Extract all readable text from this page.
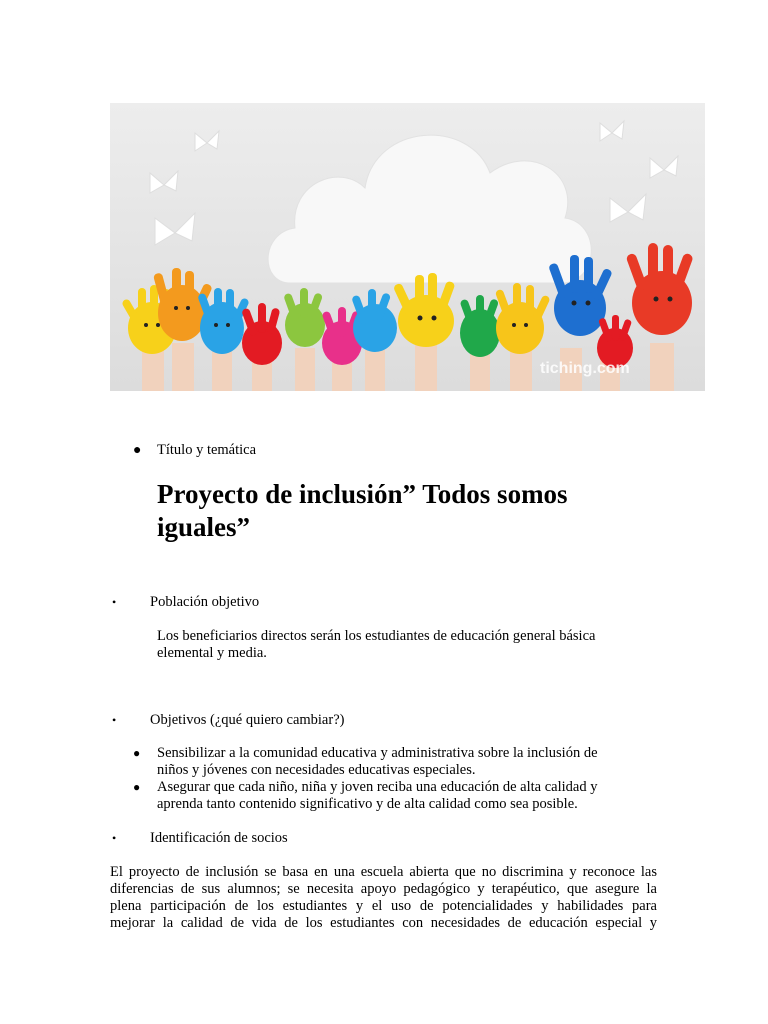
tiching.com
● Título y temática
Proyecto de inclusión” Todos somos
iguales”
• Población objetivo
Los beneficiarios directos serán los estudiantes de educación general básica
elemental y media.
• Objetivos (¿qué quiero cambiar?)
● Sensibilizar a la comunidad educativa y administrativa sobre la inclusión de
niños y jóvenes con necesidades educativas especiales.
● Asegurar que cada niño, niña y joven reciba una educación de alta calidad y
aprenda tanto contenido significativo y de alta calidad como sea posible.
• Identificación de socios
El proyecto de inclusión se basa en una escuela abierta que no discrimina y reconoce las
diferencias de sus alumnos; se necesita apoyo pedagógico y terapéutico, que asegure la
plena participación de los estudiantes y el uso de potencialidades y habilidades para
mejorar la calidad de vida de los estudiantes con necesidades de educación especial y
